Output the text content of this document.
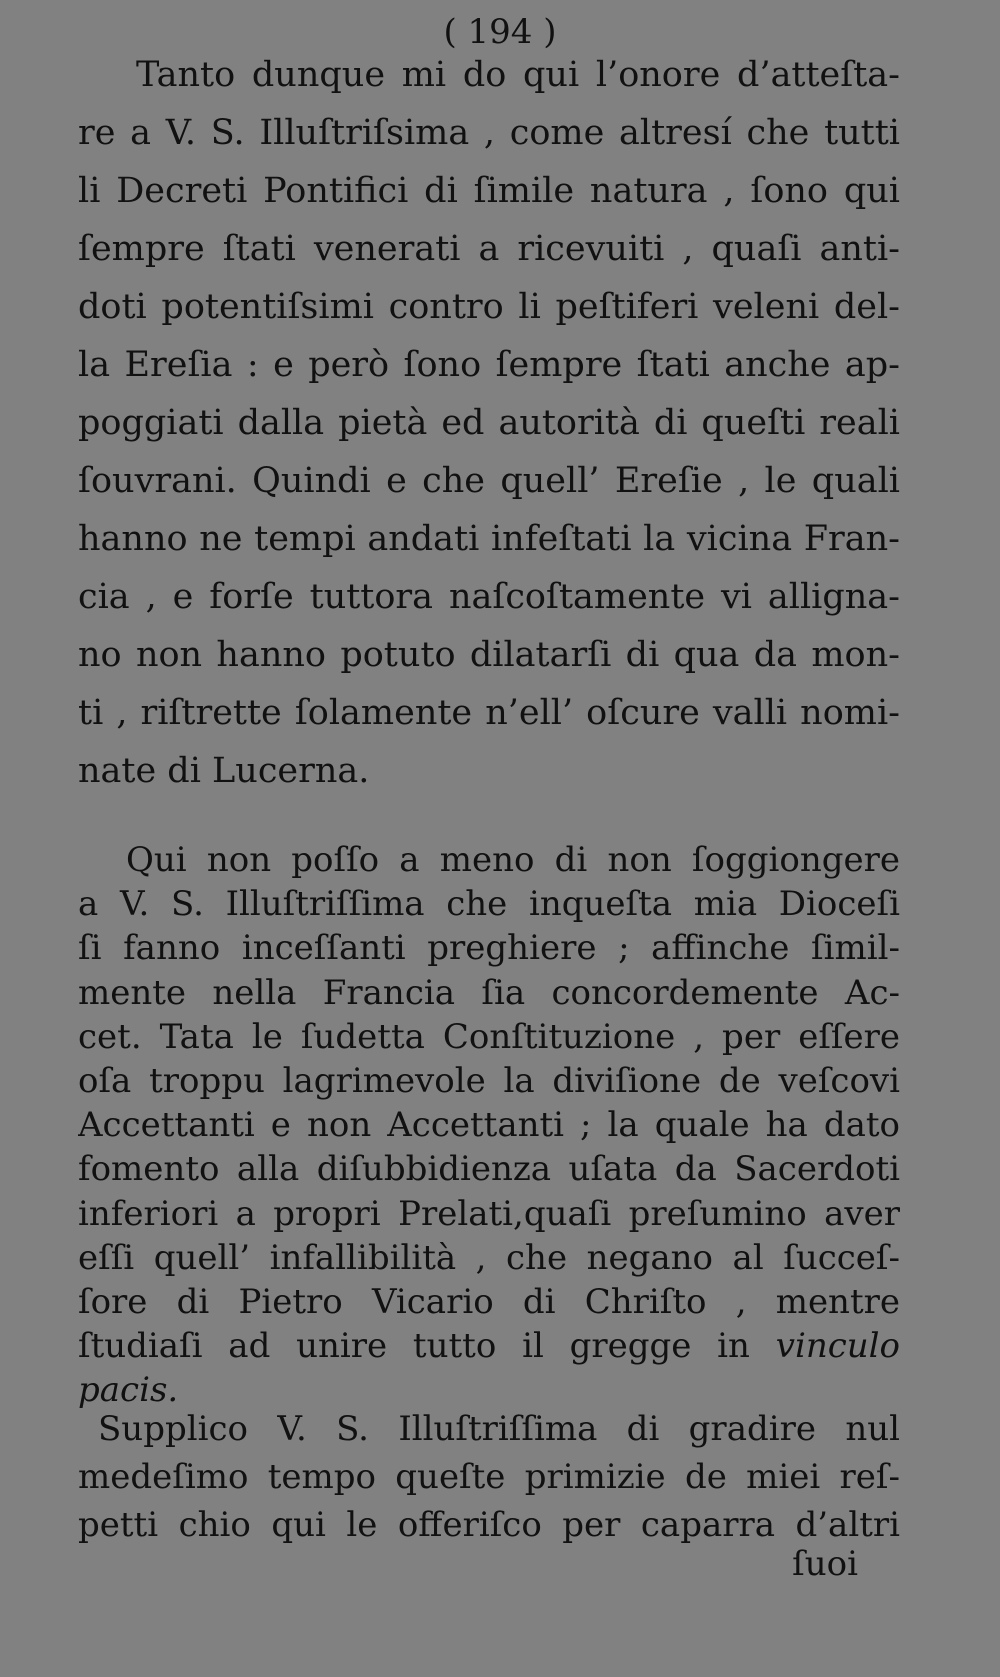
( 194 )
Tanto dunque mi do qui l’onore d’atteſta-
re a V. S. Illuſtriſsima , come altresí che tutti
li Decreti Pontifici di ſimile natura , ſono qui
ſempre ſtati venerati a ricevuiti , quaſi anti-
doti potentiſsimi contro li peſtiferi veleni del-
la Ereſia : e però ſono ſempre ſtati anche ap-
poggiati dalla pietà ed autorità di queſti reali
ſouvrani. Quindi e che quell’ Ereſie , le quali
hanno ne tempi andati infeſtati la vicina Fran-
cia , e forſe tuttora naſcoſtamente vi allignа-
no non hanno potuto dilatarſi di qua da mon-
ti , riſtrette ſolamente n’ell’ oſcure valli nomi-
nate di Lucerna.
Qui non poſſo a meno di non ſoggiongere
a V. S. Illuſtriſſima che inqueſta mia Dioceſi
ſi fanno inceſſanti preghiere ; affinche ſimil-
mente nella Francia ſia concordemente Ac-
cet. Tata le ſudetta Conſtituzione , per eſſere
oſa troppu lagrimevole la diviſione de veſcovi
Accettanti e non Accettanti ; la quale ha dato
fomento alla diſubbidienza uſata da Sacerdoti
inferiori a propri Prelati,quaſi preſumino aver
eſſi quell’ infallibilità , che negano al ſucceſ-
ſore di Pietro Vicario di Chriſto , mentre
ſtudiaſi ad unire tutto il gregge in vinculo
pacis.
Supplico V. S. Illuſtriſſima di gradire nul
medeſimo tempo queſte primizie de miei reſ-
petti chio qui le offeriſco per caparra d’altri
ſuoi
